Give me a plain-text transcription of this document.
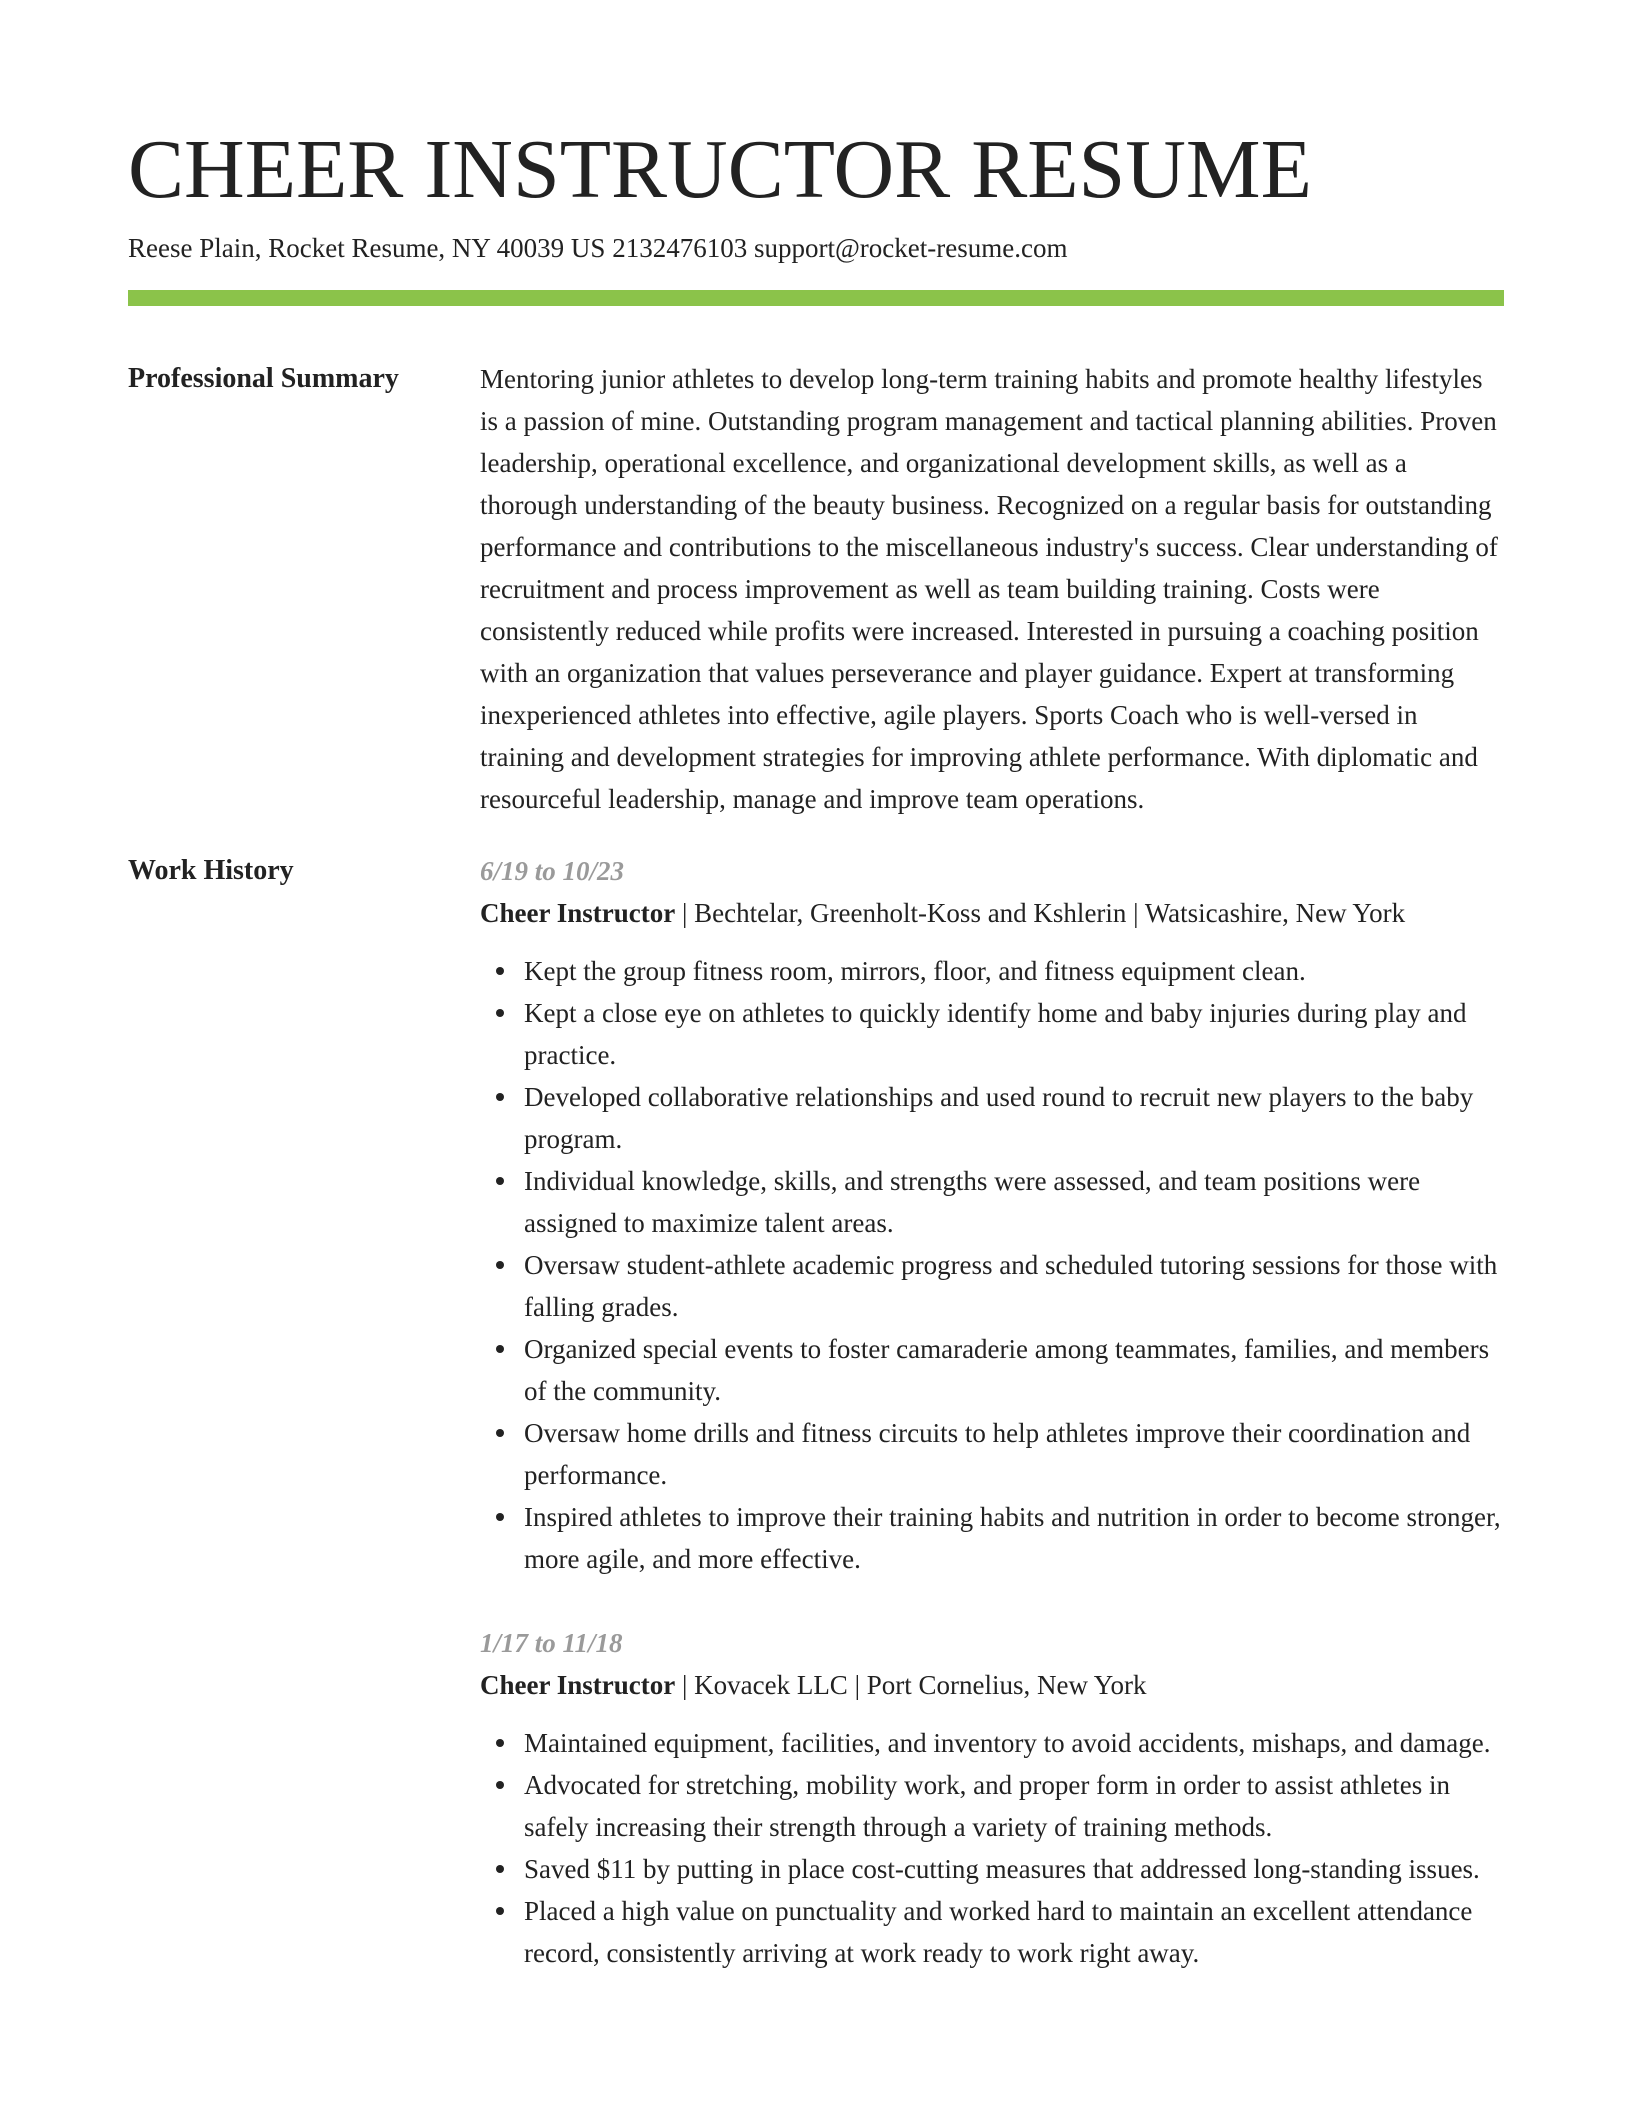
CHEER INSTRUCTOR RESUME
Reese Plain, Rocket Resume, NY 40039 US 2132476103 support@rocket-resume.com
Professional Summary	Mentoring junior athletes to develop long-term training habits and promote healthy lifestyles is a passion of mine. Outstanding program management and tactical planning abilities. Proven leadership, operational excellence, and organizational development skills, as well as a thorough understanding of the beauty business. Recognized on a regular basis for outstanding performance and contributions to the miscellaneous industry's success. Clear understanding of recruitment and process improvement as well as team building training. Costs were consistently reduced while profits were increased. Interested in pursuing a coaching position with an organization that values perseverance and player guidance. Expert at transforming inexperienced athletes into effective, agile players. Sports Coach who is well-versed in training and development strategies for improving athlete performance. With diplomatic and resourceful leadership, manage and improve team operations.

Work History	6/19 to 10/23
Cheer Instructor | Bechtelar, Greenholt-Koss and Kshlerin | Watsicashire, New York
Kept the group fitness room, mirrors, floor, and fitness equipment clean.
Kept a close eye on athletes to quickly identify home and baby injuries during play and practice.
Developed collaborative relationships and used round to recruit new players to the baby program.
Individual knowledge, skills, and strengths were assessed, and team positions were assigned to maximize talent areas.
Oversaw student-athlete academic progress and scheduled tutoring sessions for those with falling grades.
Organized special events to foster camaraderie among teammates, families, and members of the community.
Oversaw home drills and fitness circuits to help athletes improve their coordination and performance.
Inspired athletes to improve their training habits and nutrition in order to become stronger, more agile, and more effective.
1/17 to 11/18
Cheer Instructor | Kovacek LLC | Port Cornelius, New York
Maintained equipment, facilities, and inventory to avoid accidents, mishaps, and damage.
Advocated for stretching, mobility work, and proper form in order to assist athletes in safely increasing their strength through a variety of training methods.
Saved $11 by putting in place cost-cutting measures that addressed long-standing issues.
Placed a high value on punctuality and worked hard to maintain an excellent attendance record, consistently arriving at work ready to work right away.
